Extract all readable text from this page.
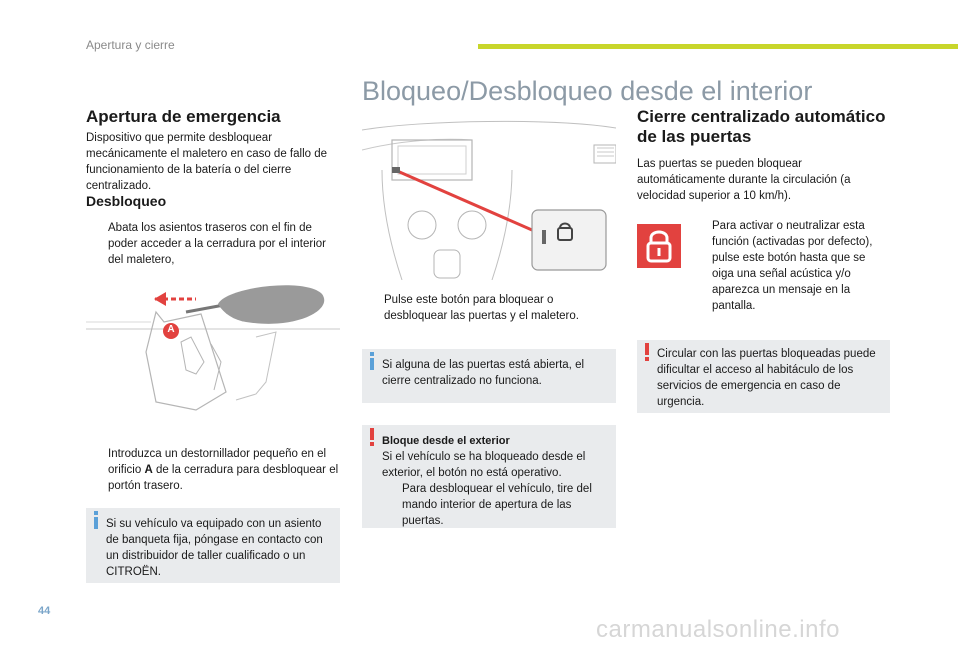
Apertura y cierre
Apertura de emergencia
Dispositivo que permite desbloquear mecánicamente el maletero en caso de fallo de funcionamiento de la batería o del cierre centralizado.
Desbloqueo
Abata los asientos traseros con el fin de poder acceder a la cerradura por el interior del maletero,
A
Introduzca un destornillador pequeño en el orificio A de la cerradura para desbloquear el portón trasero.
Si su vehículo va equipado con un asiento de banqueta fija, póngase en contacto con un distribuidor de taller cualificado o un CITROËN.
Bloqueo/Desbloqueo desde el interior
Pulse este botón para bloquear o desbloquear las puertas y el maletero.
Si alguna de las puertas está abierta, el cierre centralizado no funciona.
Bloque desde el exterior
Si el vehículo se ha bloqueado desde el exterior, el botón no está operativo.
Para desbloquear el vehículo, tire del mando interior de apertura de las puertas.
Cierre centralizado automático de las puertas
Las puertas se pueden bloquear automáticamente durante la circulación (a velocidad superior a 10 km/h).
Para activar o neutralizar esta función (activadas por defecto), pulse este botón hasta que se oiga una señal acústica y/o aparezca un mensaje en la pantalla.
Circular con las puertas bloqueadas puede dificultar el acceso al habitáculo de los servicios de emergencia en caso de urgencia.
44
carmanualsonline.info
